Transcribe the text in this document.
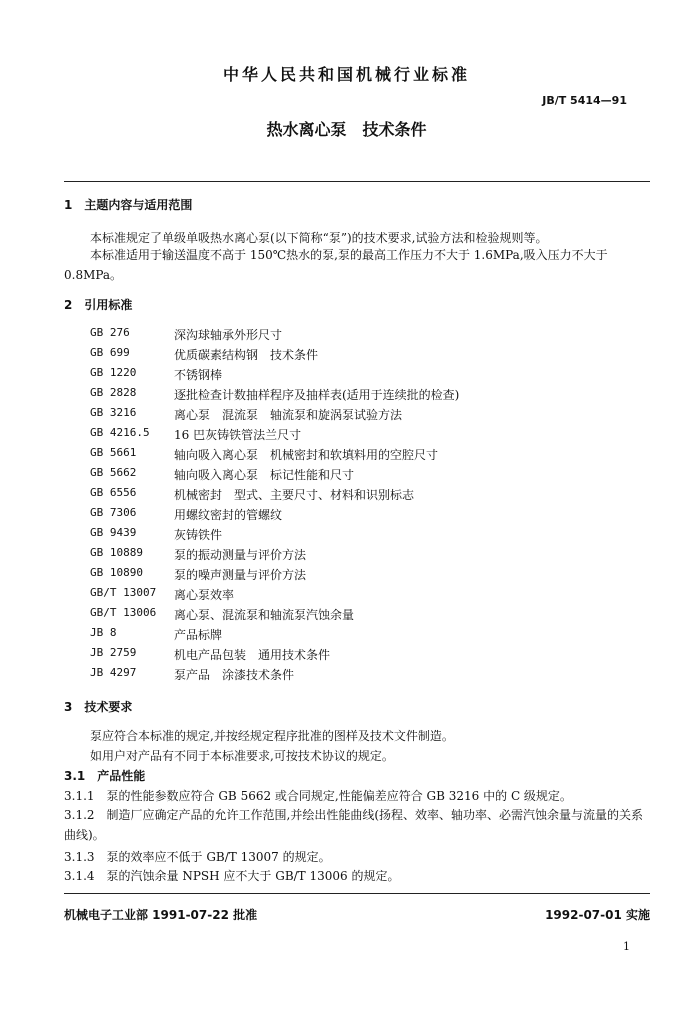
中华人民共和国机械行业标准
JB/T 5414—91
热水离心泵　技术条件
1　主题内容与适用范围
本标准规定了单级单吸热水离心泵(以下简称“泵”)的技术要求,试验方法和检验规则等。
本标准适用于输送温度不高于 150℃热水的泵,泵的最高工作压力不大于 1.6MPa,吸入压力不大于 0.8MPa。
2　引用标准
GB 276	深沟球轴承外形尺寸
GB 699	优质碳素结构钢　技术条件
GB 1220	不锈钢棒
GB 2828	逐批检查计数抽样程序及抽样表(适用于连续批的检查)
GB 3216	离心泵　混流泵　轴流泵和旋涡泵试验方法
GB 4216.5	16 巴灰铸铁管法兰尺寸
GB 5661	轴向吸入离心泵　机械密封和软填料用的空腔尺寸
GB 5662	轴向吸入离心泵　标记性能和尺寸
GB 6556	机械密封　型式、主要尺寸、材料和识别标志
GB 7306	用螺纹密封的管螺纹
GB 9439	灰铸铁件
GB 10889	泵的振动测量与评价方法
GB 10890	泵的噪声测量与评价方法
GB/T 13007	离心泵效率
GB/T 13006	离心泵、混流泵和轴流泵汽蚀余量
JB 8	产品标牌
JB 2759	机电产品包装　通用技术条件
JB 4297	泵产品　涂漆技术条件
3　技术要求
泵应符合本标准的规定,并按经规定程序批准的图样及技术文件制造。
如用户对产品有不同于本标准要求,可按技术协议的规定。
3.1　产品性能
3.1.1　泵的性能参数应符合 GB 5662 或合同规定,性能偏差应符合 GB 3216 中的 C 级规定。
3.1.2　制造厂应确定产品的允许工作范围,并绘出性能曲线(扬程、效率、轴功率、必需汽蚀余量与流量的关系曲线)。
3.1.3　泵的效率应不低于 GB/T 13007 的规定。
3.1.4　泵的汽蚀余量 NPSH 应不大于 GB/T 13006 的规定。
机械电子工业部 1991-07-22 批准	1992-07-01 实施
1
